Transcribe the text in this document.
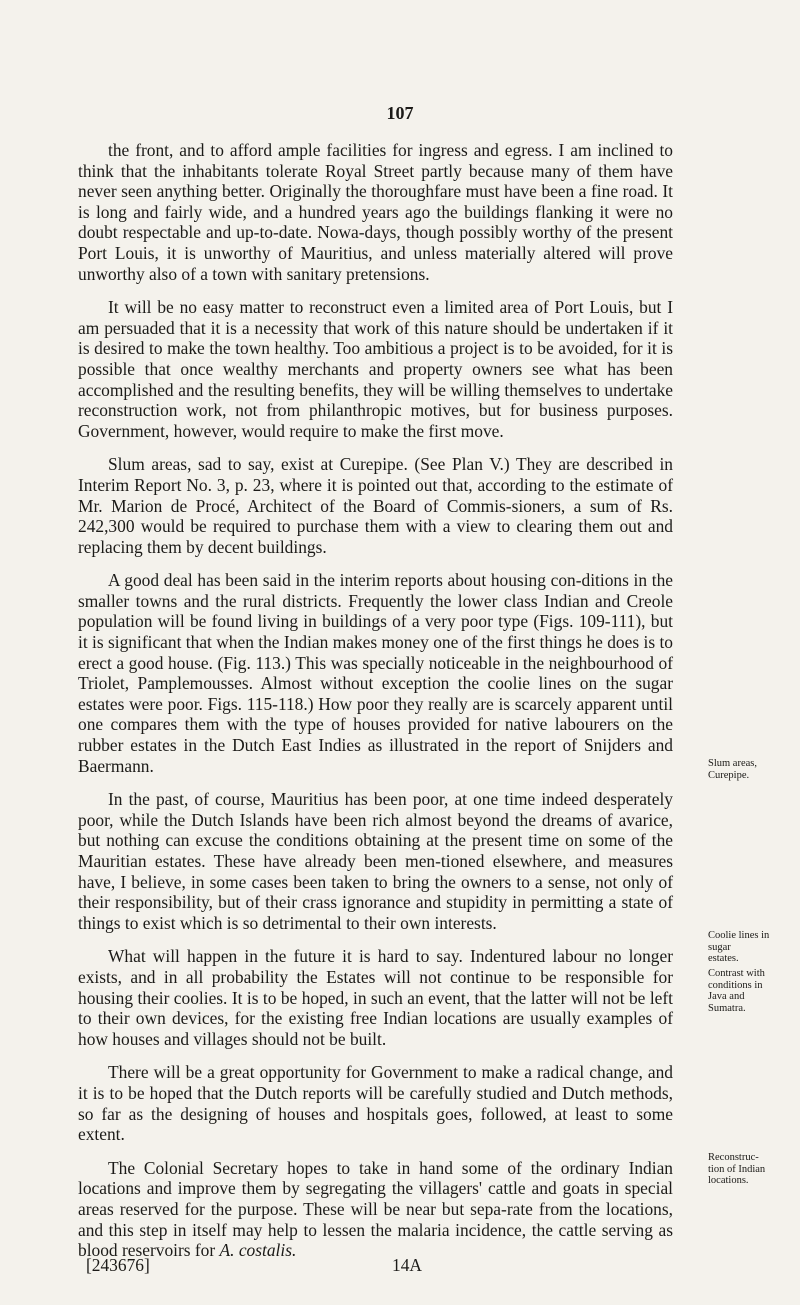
107

the front, and to afford ample facilities for ingress and egress. I am inclined to think that the inhabitants tolerate Royal Street partly because many of them have never seen anything better. Originally the thoroughfare must have been a fine road. It is long and fairly wide, and a hundred years ago the buildings flanking it were no doubt respectable and up-to-date. Nowa-days, though possibly worthy of the present Port Louis, it is unworthy of Mauritius, and unless materially altered will prove unworthy also of a town with sanitary pretensions.

It will be no easy matter to reconstruct even a limited area of Port Louis, but I am persuaded that it is a necessity that work of this nature should be undertaken if it is desired to make the town healthy. Too ambitious a project is to be avoided, for it is possible that once wealthy merchants and property owners see what has been accomplished and the resulting benefits, they will be willing themselves to undertake reconstruction work, not from philanthropic motives, but for business purposes. Government, however, would require to make the first move.

Slum areas, sad to say, exist at Curepipe. (See Plan V.) They are described in Interim Report No. 3, p. 23, where it is pointed out that, according to the estimate of Mr. Marion de Procé, Architect of the Board of Commis-sioners, a sum of Rs. 242,300 would be required to purchase them with a view to clearing them out and replacing them by decent buildings.

A good deal has been said in the interim reports about housing con-ditions in the smaller towns and the rural districts. Frequently the lower class Indian and Creole population will be found living in buildings of a very poor type (Figs. 109-111), but it is significant that when the Indian makes money one of the first things he does is to erect a good house. (Fig. 113.) This was specially noticeable in the neighbourhood of Triolet, Pamplemousses. Almost without exception the coolie lines on the sugar estates were poor. Figs. 115-118.) How poor they really are is scarcely apparent until one compares them with the type of houses provided for native labourers on the rubber estates in the Dutch East Indies as illustrated in the report of Snijders and Baermann.

In the past, of course, Mauritius has been poor, at one time indeed desperately poor, while the Dutch Islands have been rich almost beyond the dreams of avarice, but nothing can excuse the conditions obtaining at the present time on some of the Mauritian estates. These have already been men-tioned elsewhere, and measures have, I believe, in some cases been taken to bring the owners to a sense, not only of their responsibility, but of their crass ignorance and stupidity in permitting a state of things to exist which is so detrimental to their own interests.

What will happen in the future it is hard to say. Indentured labour no longer exists, and in all probability the Estates will not continue to be responsible for housing their coolies. It is to be hoped, in such an event, that the latter will not be left to their own devices, for the existing free Indian locations are usually examples of how houses and villages should not be built.

There will be a great opportunity for Government to make a radical change, and it is to be hoped that the Dutch reports will be carefully studied and Dutch methods, so far as the designing of houses and hospitals goes, followed, at least to some extent.

The Colonial Secretary hopes to take in hand some of the ordinary Indian locations and improve them by segregating the villagers' cattle and goats in special areas reserved for the purpose. These will be near but sepa-rate from the locations, and this step in itself may help to lessen the malaria incidence, the cattle serving as blood reservoirs for A. costalis.

Slum areas,
Curepipe.
Coolie lines in
sugar
estates.
Contrast with
conditions in
Java and
Sumatra.
Reconstruc-
tion of Indian
locations.
[243676]	14A
